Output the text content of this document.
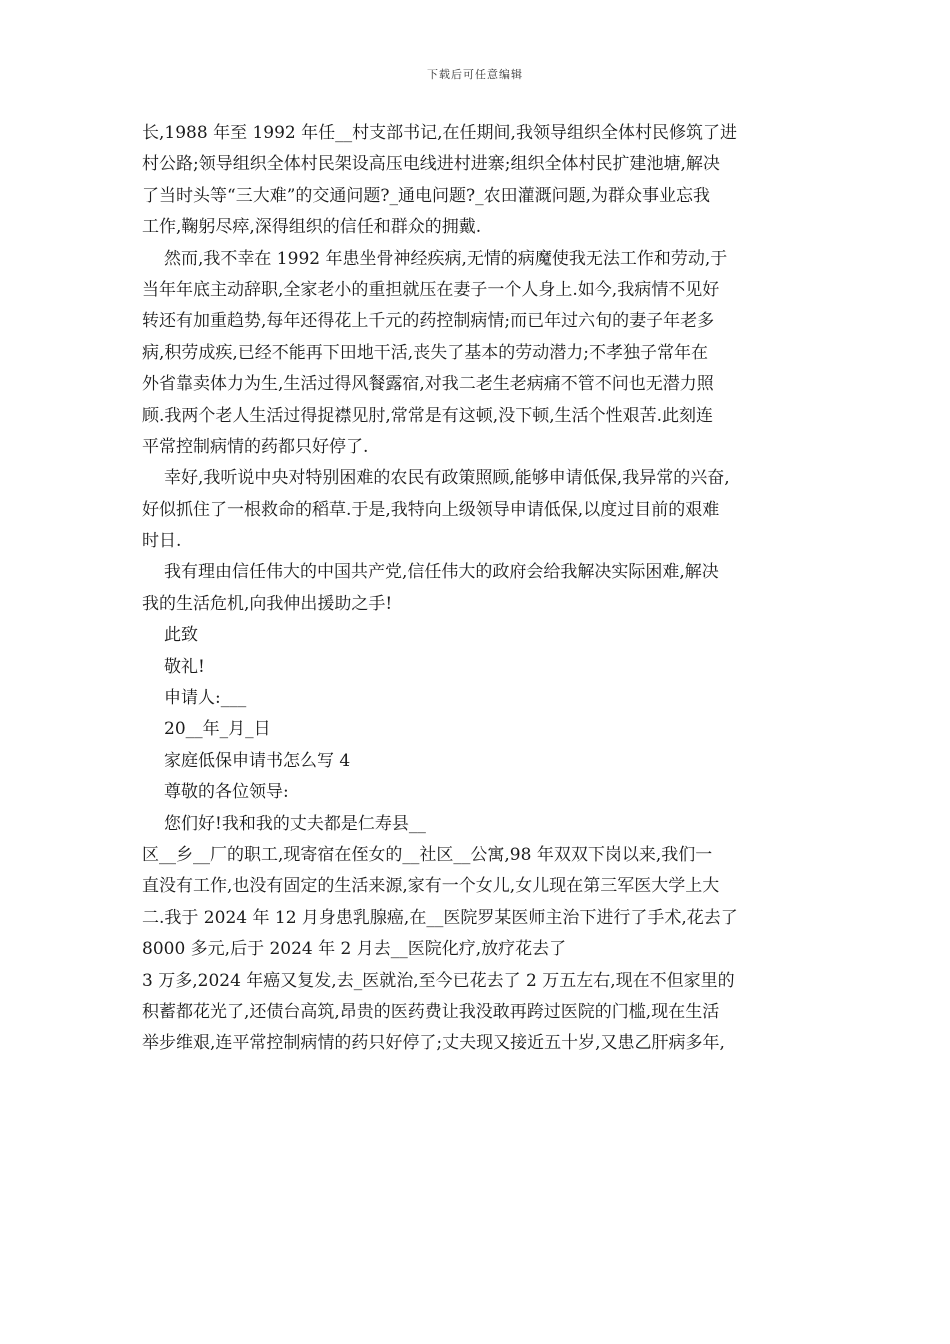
下载后可任意编辑
长,1988 年至 1992 年任__村支部书记,在任期间,我领导组织全体村民修筑了进
村公路;领导组织全体村民架设高压电线进村进寨;组织全体村民扩建池塘,解决
了当时头等“三大难”的交通问题?_通电问题?_农田灌溉问题,为群众事业忘我
工作,鞠躬尽瘁,深得组织的信任和群众的拥戴.
然而,我不幸在 1992 年患坐骨神经疾病,无情的病魔使我无法工作和劳动,于
当年年底主动辞职,全家老小的重担就压在妻子一个人身上.如今,我病情不见好
转还有加重趋势,每年还得花上千元的药控制病情;而已年过六旬的妻子年老多
病,积劳成疾,已经不能再下田地干活,丧失了基本的劳动潜力;不孝独子常年在
外省靠卖体力为生,生活过得风餐露宿,对我二老生老病痛不管不问也无潜力照
顾.我两个老人生活过得捉襟见肘,常常是有这顿,没下顿,生活个性艰苦.此刻连
平常控制病情的药都只好停了.
幸好,我听说中央对特别困难的农民有政策照顾,能够申请低保,我异常的兴奋,
好似抓住了一根救命的稻草.于是,我特向上级领导申请低保,以度过目前的艰难
时日.
我有理由信任伟大的中国共产党,信任伟大的政府会给我解决实际困难,解决
我的生活危机,向我伸出援助之手!
此致
敬礼!
申请人:___
20__年_月_日
家庭低保申请书怎么写 4
尊敬的各位领导:
您们好!我和我的丈夫都是仁寿县__
区__乡__厂的职工,现寄宿在侄女的__社区__公寓,98 年双双下岗以来,我们一
直没有工作,也没有固定的生活来源,家有一个女儿,女儿现在第三军医大学上大
二.我于 2024 年 12 月身患乳腺癌,在__医院罗某医师主治下进行了手术,花去了
8000 多元,后于 2024 年 2 月去__医院化疗,放疗花去了
3 万多,2024 年癌又复发,去_医就治,至今已花去了 2 万五左右,现在不但家里的
积蓄都花光了,还债台高筑,昂贵的医药费让我没敢再跨过医院的门槛,现在生活
举步维艰,连平常控制病情的药只好停了;丈夫现又接近五十岁,又患乙肝病多年,
